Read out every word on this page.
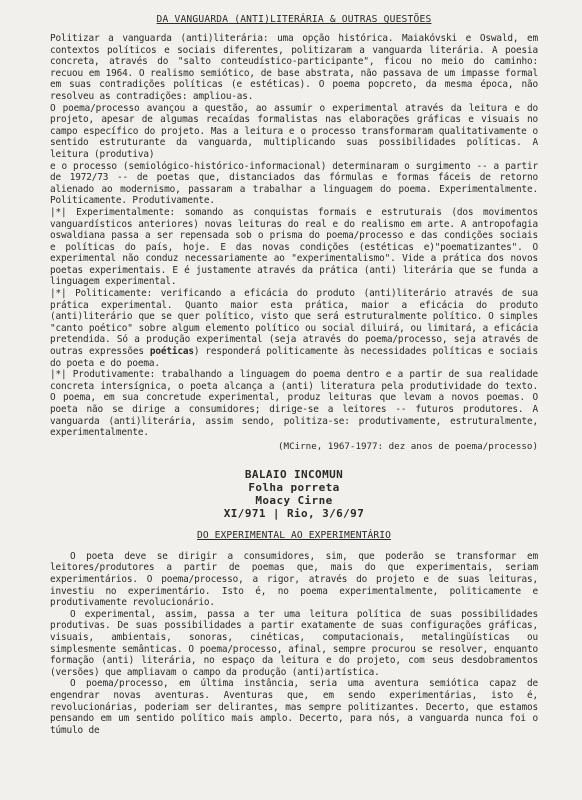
DA VANGUARDA (ANTI)LITERÁRIA & OUTRAS QUESTÕES

Politizar a vanguarda (anti)literária: uma opção histórica. Maiakóvski e Oswald, em contextos políticos e sociais diferentes, politizaram a vanguarda literária. A poesia concreta, através do "salto conteudístico-participante", ficou no meio do caminho: recuou em 1964. O realismo semiótico, de base abstrata, não passava de um impasse formal em suas contradições políticas (e estéticas). O poema popcreto, da mesma época, não resolveu as contradições: ampliou-as.

O poema/processo avançou a questão, ao assumir o experimental através da leitura e do projeto, apesar de algumas recaídas formalistas nas elaborações gráficas e visuais no campo específico do projeto. Mas a leitura e o processo transformaram qualitativamente o sentido estruturante da vanguarda, multiplicando suas possibilidades políticas. A leitura (produtiva)

e o processo (semiológico-histórico-informacional) determinaram o surgimento -- a partir de 1972/73 -- de poetas que, distanciados das fórmulas e formas fáceis de retorno alienado ao modernismo, passaram a trabalhar a linguagem do poema. Experimentalmente. Politicamente. Produtivamente.

|*| Experimentalmente: somando as conquistas formais e estruturais (dos movimentos vanguardísticos anteriores) novas leituras do real e do realismo em arte. A antropofagia oswaldiana passa a ser repensada sob o prisma do poema/processo e das condições sociais e políticas do país, hoje. E das novas condições (estéticas e)"poematizantes". O experimental não conduz necessariamente ao "experimentalismo". Vide a prática dos novos poetas experimentais. E é justamente através da prática (anti) literária que se funda a linguagem experimental.

|*| Politicamente: verificando a eficácia do produto (anti)literário através de sua prática experimental. Quanto maior esta prática, maior a eficácia do produto (anti)literário que se quer político, visto que será estruturalmente político. O simples "canto poético" sobre algum elemento político ou social diluirá, ou limitará, a eficácia pretendida. Só a produção experimental (seja através do poema/processo, seja através de outras expressões poéticas) responderá politicamente às necessidades políticas e sociais do poeta e do poema.

|*| Produtivamente: trabalhando a linguagem do poema dentro e a partir de sua realidade concreta intersígnica, o poeta alcança a (anti) literatura pela produtividade do texto. O poema, em sua concretude experimental, produz leituras que levam a novos poemas. O poeta não se dirige a consumidores; dirige-se a leitores -- futuros produtores. A vanguarda (anti)literária, assim sendo, politiza-se: produtivamente, estruturalmente, experimentalmente.

(MCirne, 1967-1977: dez anos de poema/processo)

BALAIO INCOMUN
Folha porreta
Moacy Cirne
XI/971 | Rio, 3/6/97

DO EXPERIMENTAL AO EXPERIMENTÁRIO

O poeta deve se dirigir a consumidores, sim, que poderão se transformar em leitores/produtores a partir de poemas que, mais do que experimentais, seriam experimentários. O poema/processo, a rigor, através do projeto e de suas leituras, investiu no experimentário. Isto é, no poema experimentalmente, politicamente e produtivamente revolucionário.

O experimental, assim, passa a ter uma leitura política de suas possibilidades produtivas. De suas possibilidades a partir exatamente de suas configurações gráficas, visuais, ambientais, sonoras, cinéticas, computacionais, metalingüísticas ou simplesmente semânticas. O poema/processo, afinal, sempre procurou se resolver, enquanto formação (anti) literária, no espaço da leitura e do projeto, com seus desdobramentos (versões) que ampliavam o campo da produção (anti)artística.

O poema/processo, em última instância, seria uma aventura semiótica capaz de engendrar novas aventuras. Aventuras que, em sendo experimentárias, isto é, revolucionárias, poderiam ser delirantes, mas sempre politizantes. Decerto, que estamos pensando em um sentido político mais amplo. Decerto, para nós, a vanguarda nunca foi o túmulo de
